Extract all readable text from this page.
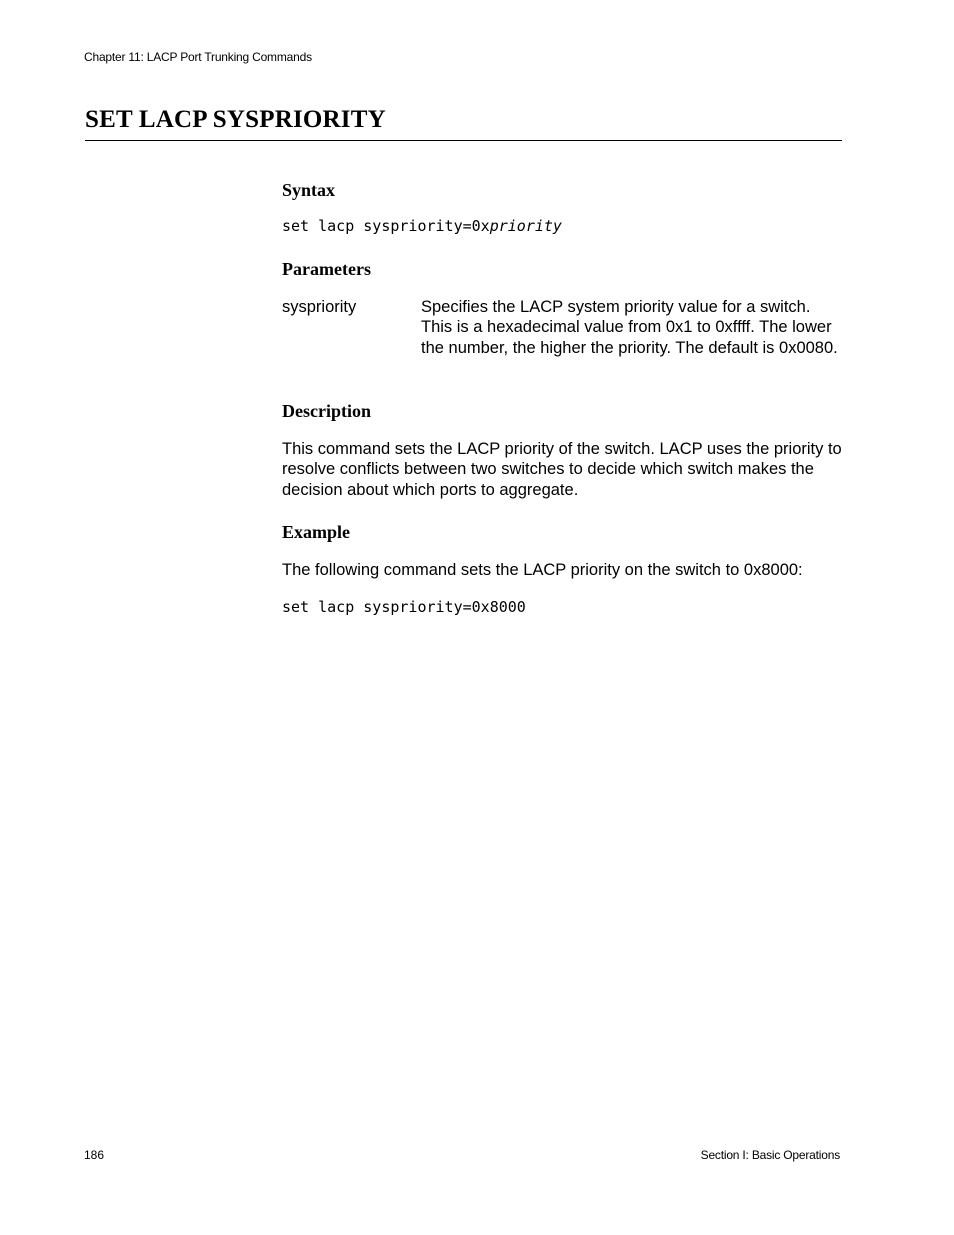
Chapter 11: LACP Port Trunking Commands
SET LACP SYSPRIORITY
Syntax
set lacp syspriority=0xpriority
Parameters
syspriority	Specifies the LACP system priority value for a switch. This is a hexadecimal value from 0x1 to 0xffff. The lower the number, the higher the priority. The default is 0x0080.

Description

This command sets the LACP priority of the switch. LACP uses the priority to resolve conflicts between two switches to decide which switch makes the decision about which ports to aggregate.

Example

The following command sets the LACP priority on the switch to 0x8000:

set lacp syspriority=0x8000
186	Section I: Basic Operations
